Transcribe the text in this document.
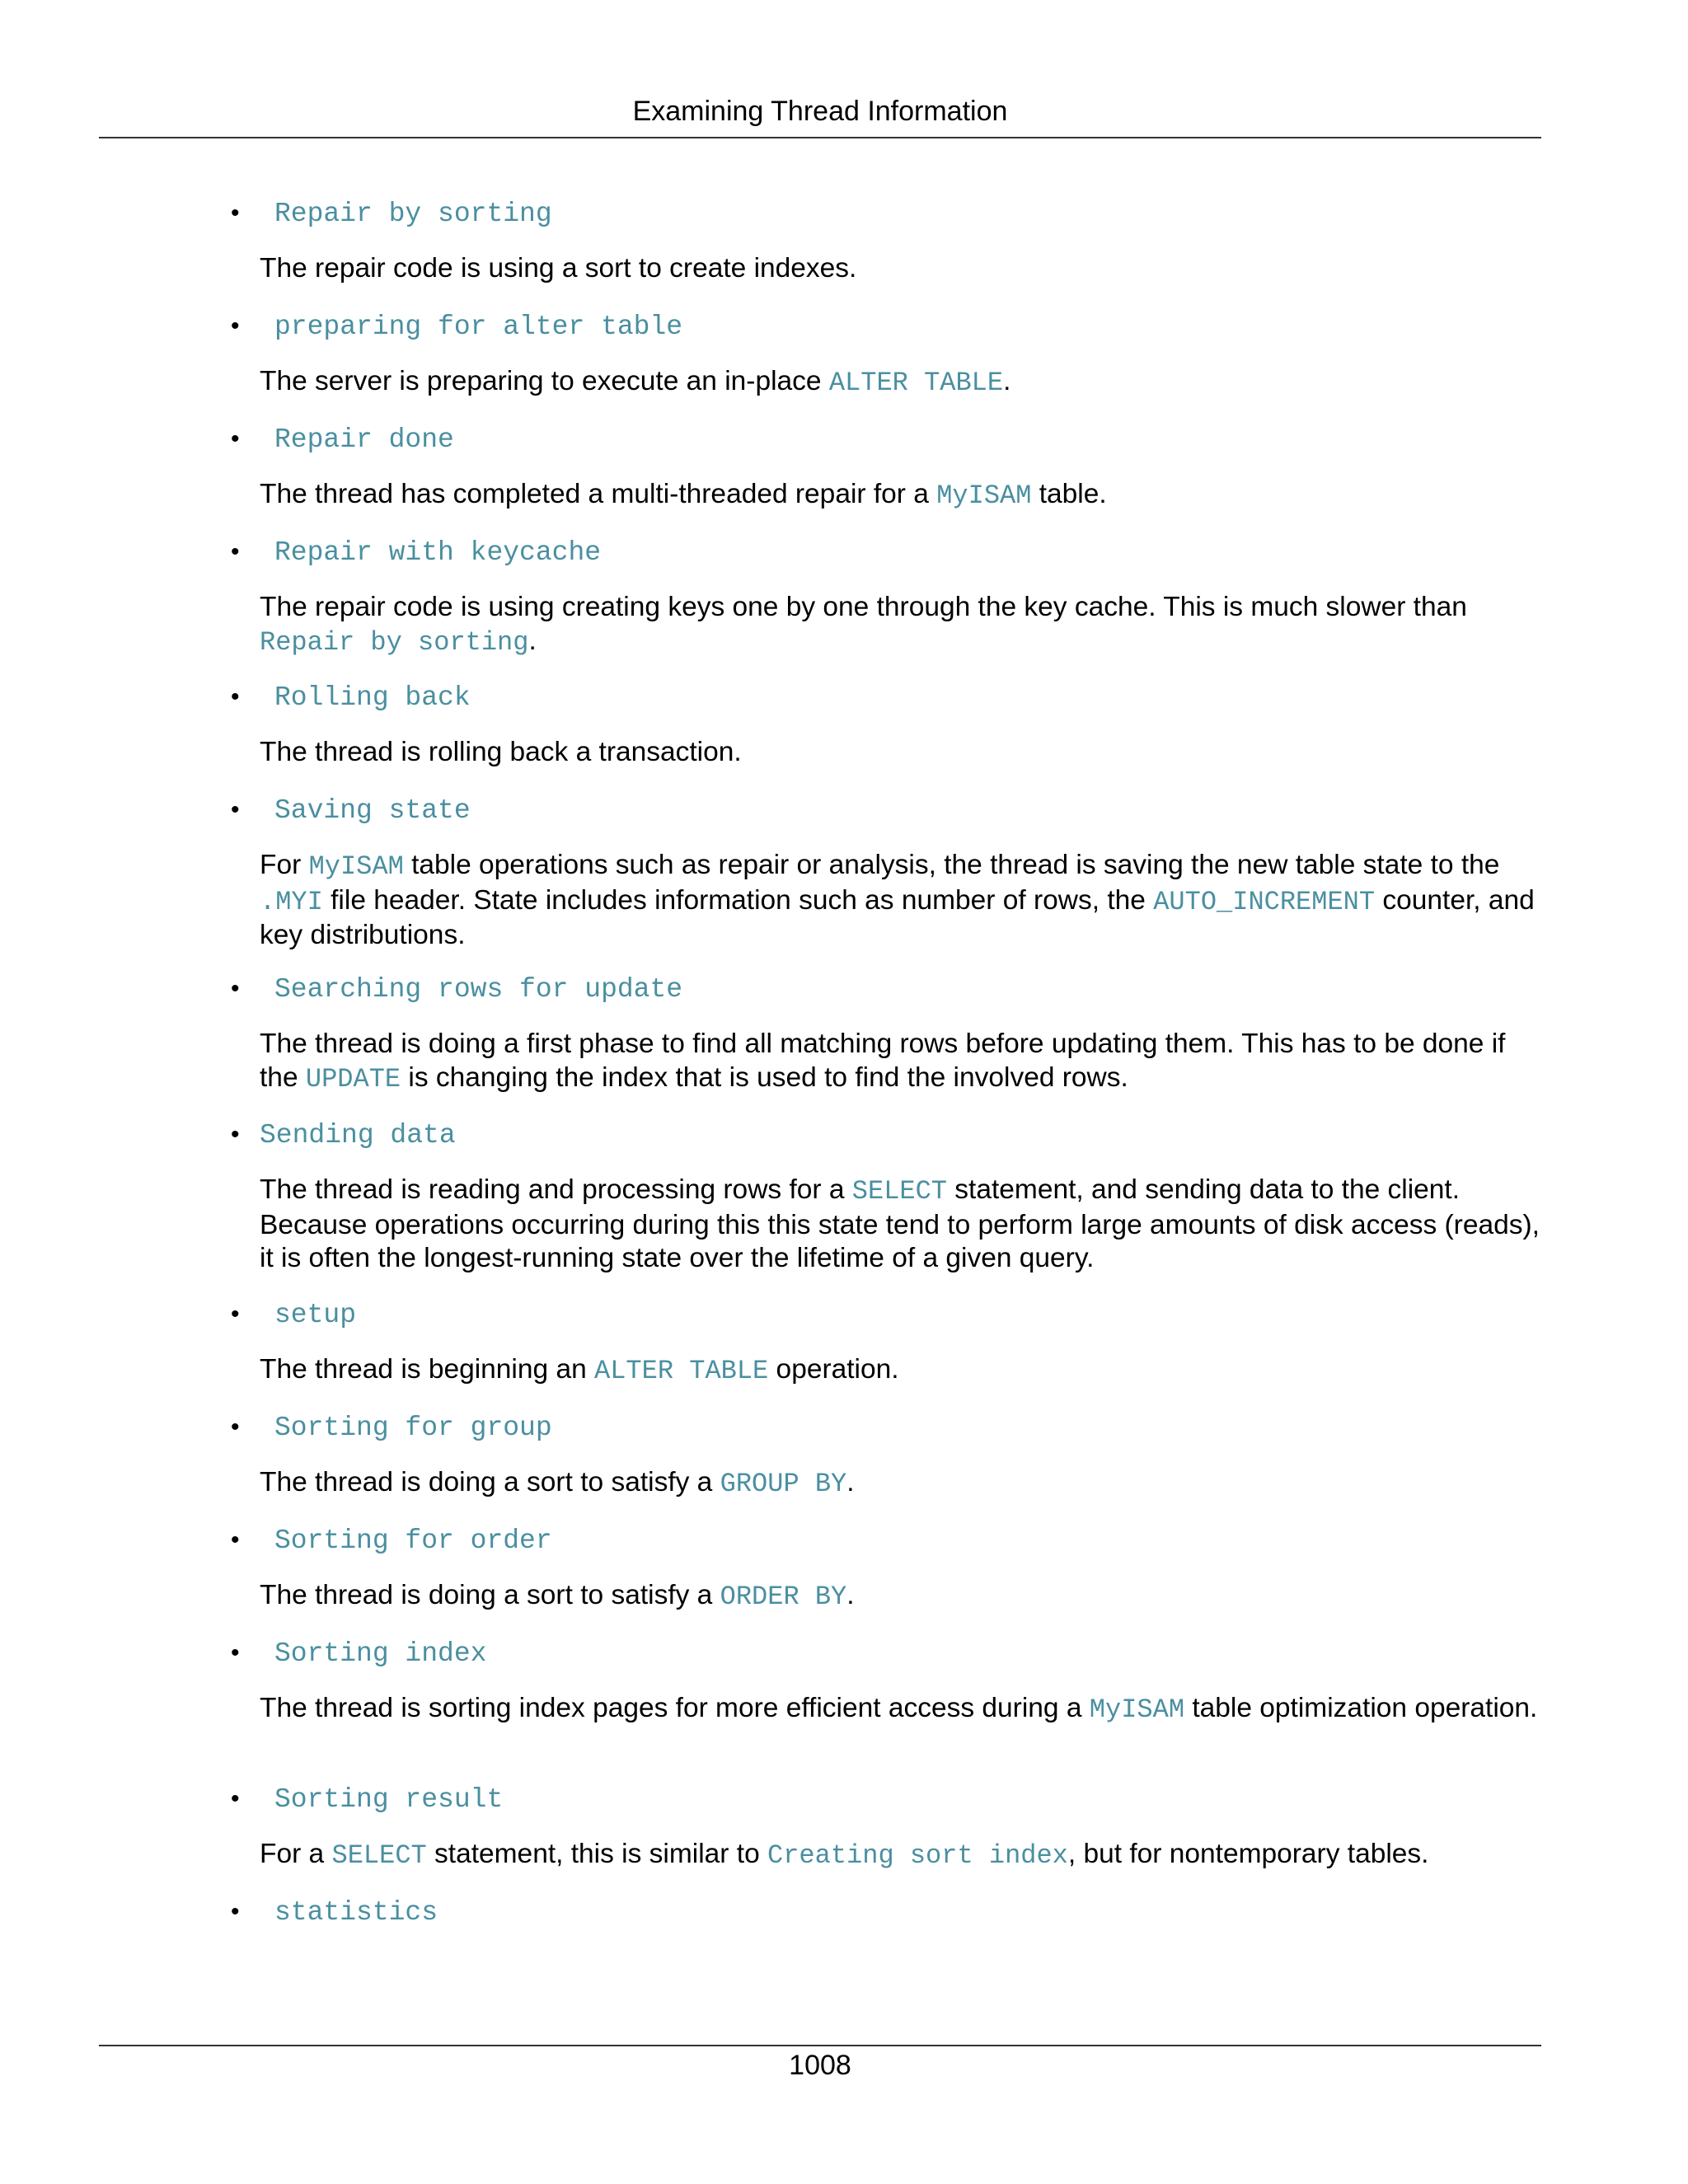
Examining Thread Information
• Repair by sorting
The repair code is using a sort to create indexes.
• preparing for alter table
The server is preparing to execute an in-place ALTER TABLE.
• Repair done
The thread has completed a multi-threaded repair for a MyISAM table.
• Repair with keycache
The repair code is using creating keys one by one through the key cache. This is much slower than Repair by sorting.
• Rolling back
The thread is rolling back a transaction.
• Saving state
For MyISAM table operations such as repair or analysis, the thread is saving the new table state to the .MYI file header. State includes information such as number of rows, the AUTO_INCREMENT counter, and key distributions.
• Searching rows for update
The thread is doing a first phase to find all matching rows before updating them. This has to be done if the UPDATE is changing the index that is used to find the involved rows.
• Sending data
The thread is reading and processing rows for a SELECT statement, and sending data to the client. Because operations occurring during this this state tend to perform large amounts of disk access (reads), it is often the longest-running state over the lifetime of a given query.
• setup
The thread is beginning an ALTER TABLE operation.
• Sorting for group
The thread is doing a sort to satisfy a GROUP BY.
• Sorting for order
The thread is doing a sort to satisfy a ORDER BY.
• Sorting index
The thread is sorting index pages for more efficient access during a MyISAM table optimization operation.
• Sorting result
For a SELECT statement, this is similar to Creating sort index, but for nontemporary tables.
• statistics
1008
